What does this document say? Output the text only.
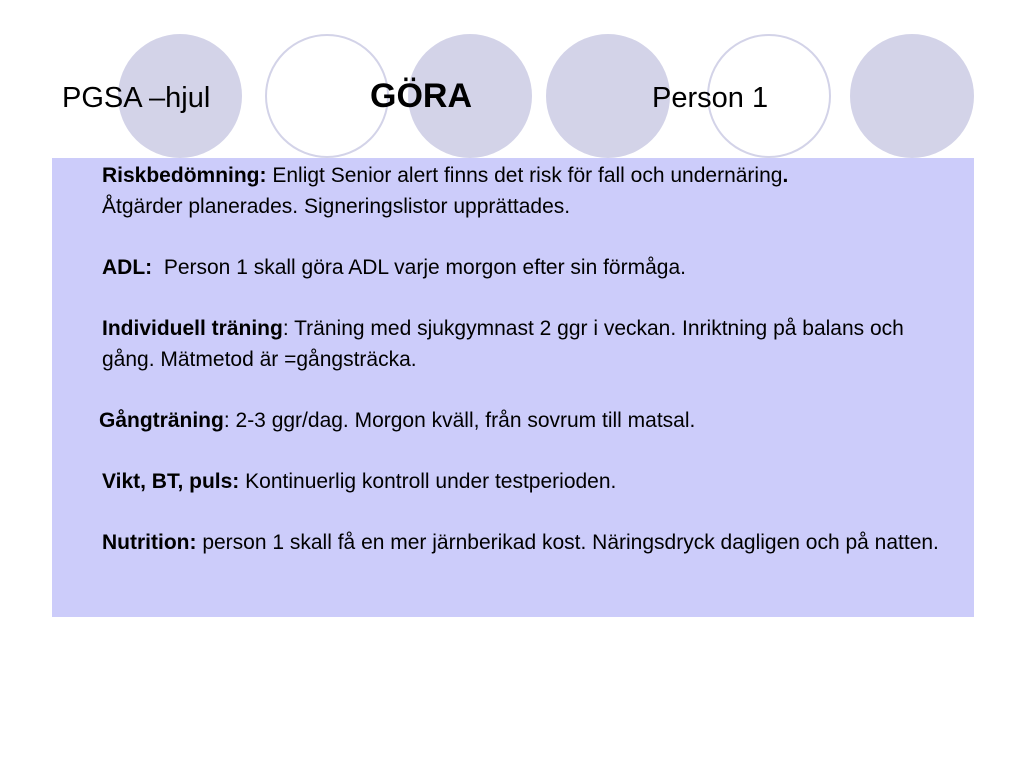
PGSA –hjul	GÖRA	Person 1
Riskbedömning: Enligt Senior alert finns det risk för fall och undernäring.
Åtgärder planerades. Signeringslistor upprättades.
ADL:  Person 1 skall göra ADL varje morgon efter sin förmåga.
Individuell träning: Träning med sjukgymnast 2 ggr i veckan. Inriktning på balans och gång. Mätmetod är =gångsträcka.
Gångträning: 2-3 ggr/dag. Morgon kväll, från sovrum till matsal.
Vikt, BT, puls: Kontinuerlig kontroll under testperioden.
Nutrition: person 1 skall få en mer järnberikad kost. Näringsdryck dagligen och på natten.
